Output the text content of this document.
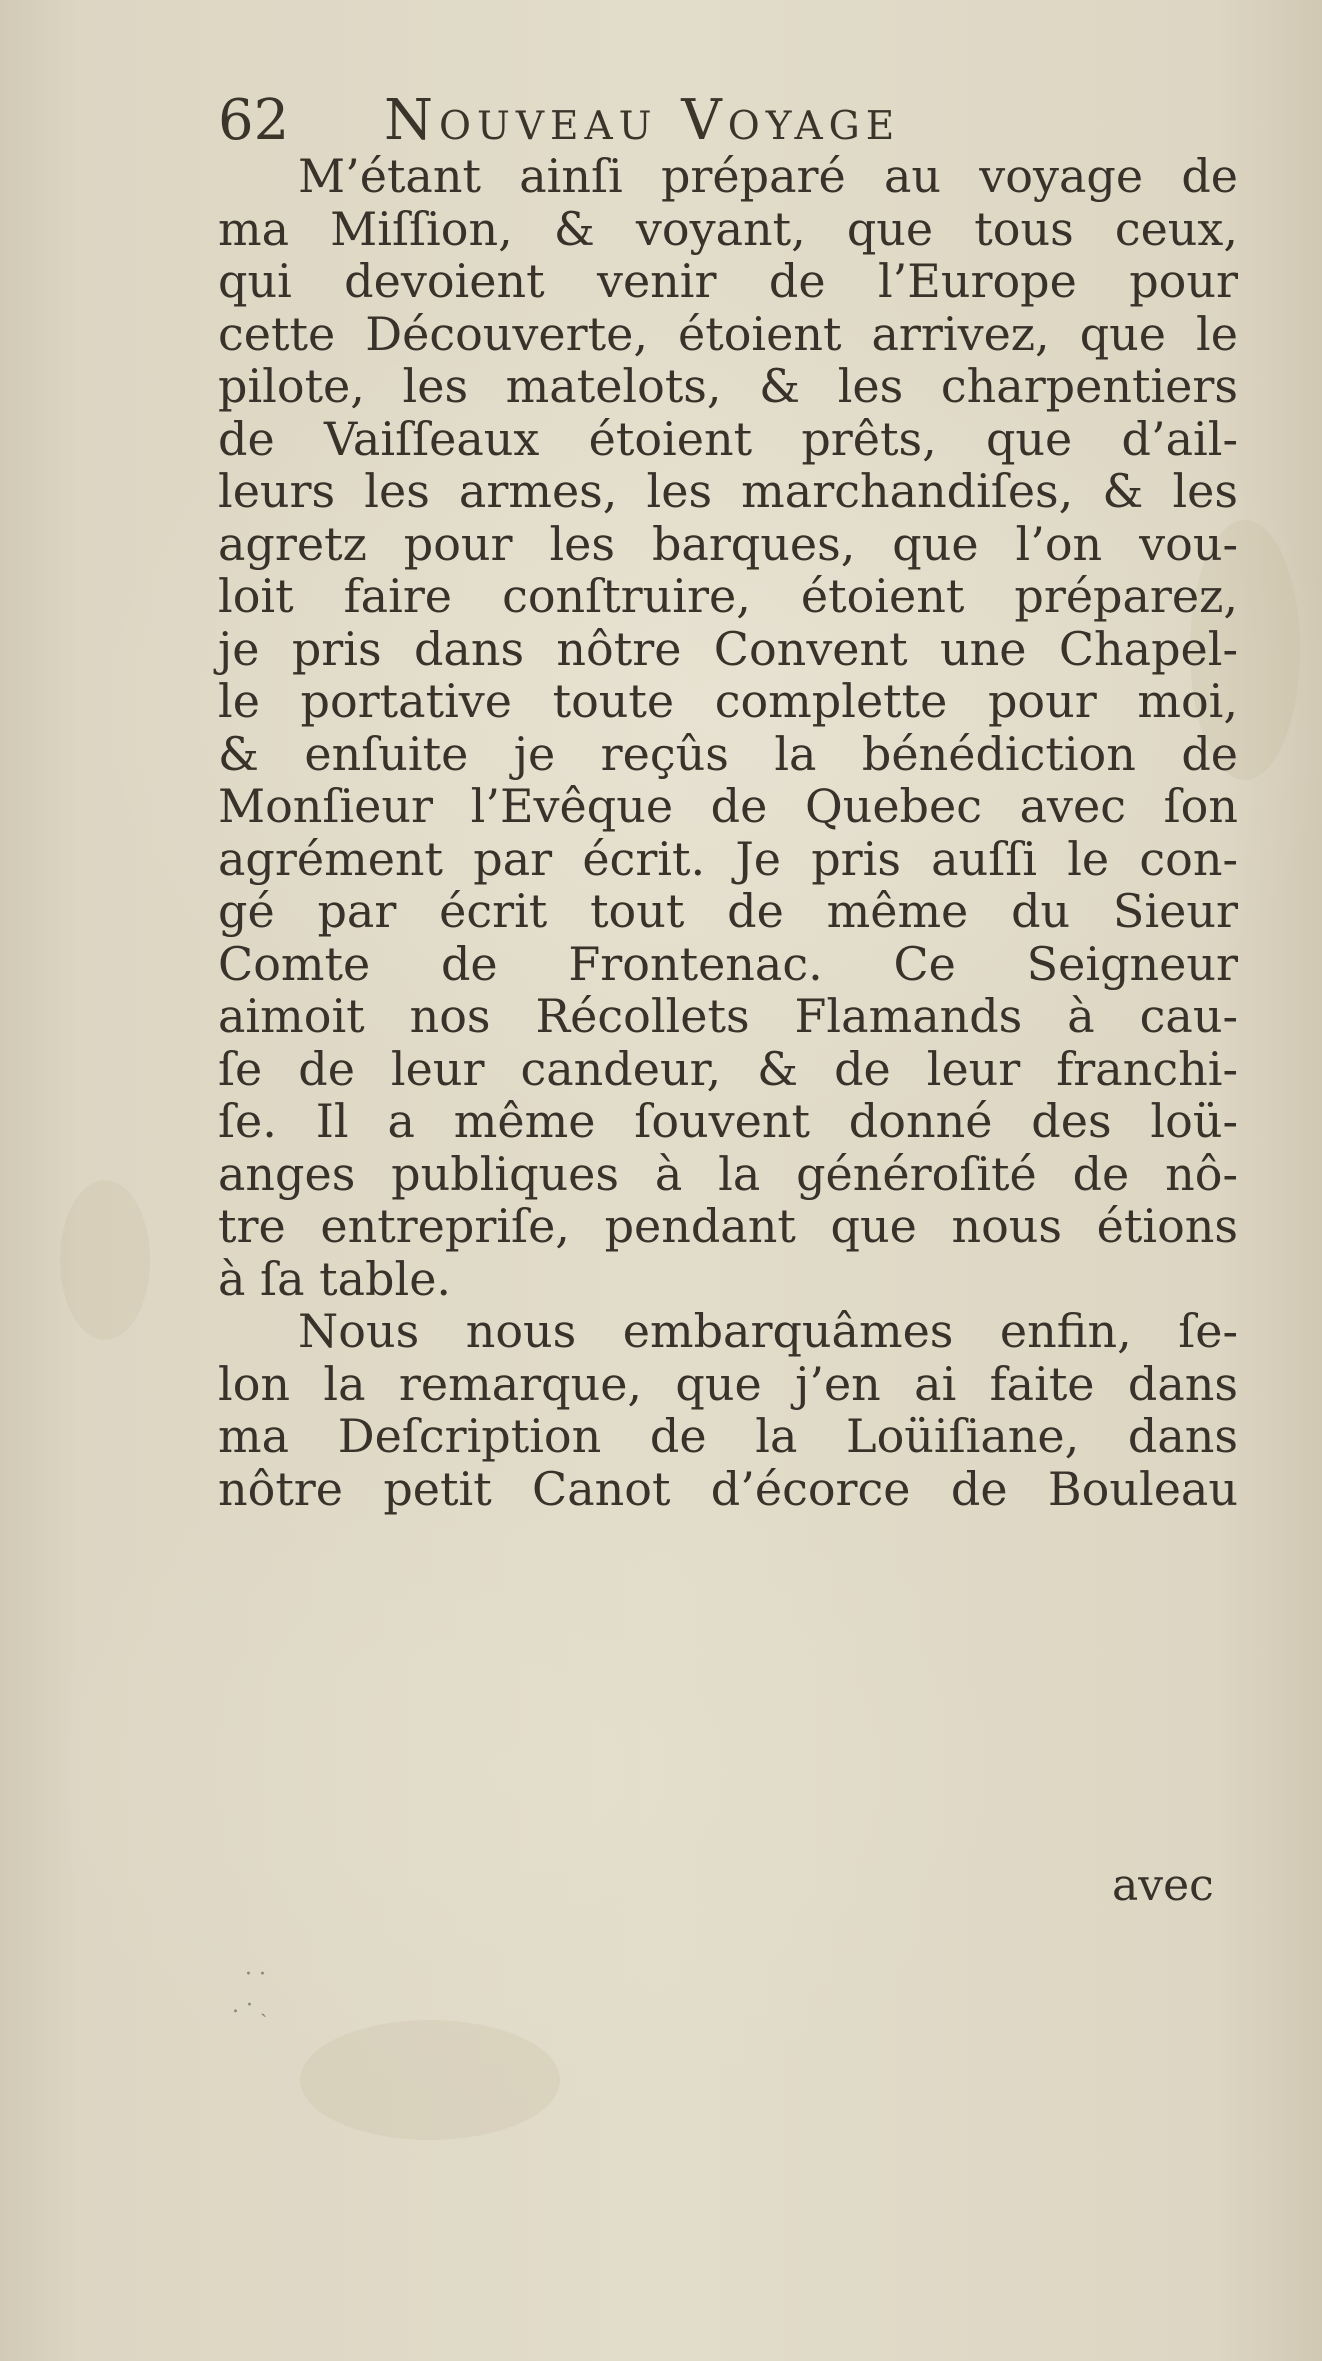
62 Nouveau Voyage
M’étant ainſi préparé au voyage de
ma Miſſion, & voyant, que tous ceux,
qui devoient venir de l’Europe pour
cette Découverte, étoient arrivez, que le
pilote, les matelots, & les charpentiers
de Vaiſſeaux étoient prêts, que d’ail-
leurs les armes, les marchandiſes, & les
agretz pour les barques, que l’on vou-
loit faire conſtruire, étoient préparez,
je pris dans nôtre Convent une Chapel-
le portative toute complette pour moi,
& enſuite je reçûs la bénédiction de
Monſieur l’Evêque de Quebec avec ſon
agrément par écrit. Je pris auſſi le con-
gé par écrit tout de même du Sieur
Comte de Frontenac. Ce Seigneur
aimoit nos Récollets Flamands à cau-
ſe de leur candeur, & de leur franchi-
ſe. Il a même ſouvent donné des loü-
anges publiques à la généroſité de nô-
tre entrepriſe, pendant que nous étions
à ſa table.
Nous nous embarquâmes enfin, ſe-
lon la remarque, que j’en ai faite dans
ma Deſcription de la Loüiſiane, dans
nôtre petit Canot d’écorce de Bouleau
avec
· ·
. · ˎ
